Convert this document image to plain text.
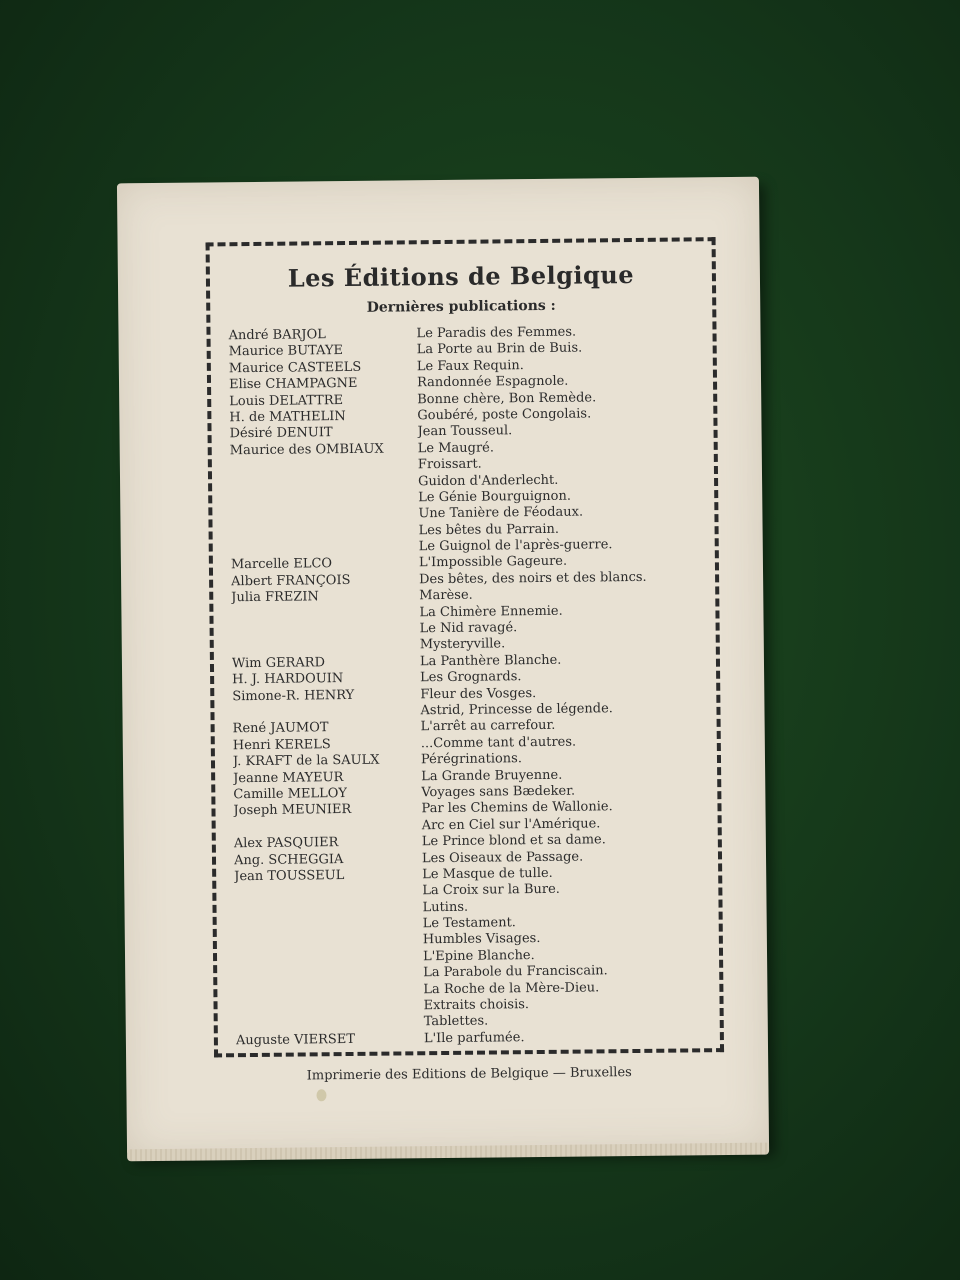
Les Éditions de Belgique
Dernières publications :
André BARJOL	Le Paradis des Femmes.
Maurice BUTAYE	La Porte au Brin de Buis.
Maurice CASTEELS	Le Faux Requin.
Elise CHAMPAGNE	Randonnée Espagnole.
Louis DELATTRE	Bonne chère, Bon Remède.
H. de MATHELIN	Goubéré, poste Congolais.
Désiré DENUIT	Jean Tousseul.
Maurice des OMBIAUX	Le Maugré.
Froissart.
Guidon d'Anderlecht.
Le Génie Bourguignon.
Une Tanière de Féodaux.
Les bêtes du Parrain.
Le Guignol de l'après-guerre.
Marcelle ELCO	L'Impossible Gageure.
Albert FRANÇOIS	Des bêtes, des noirs et des blancs.
Julia FREZIN	Marèse.
La Chimère Ennemie.
Le Nid ravagé.
Mysteryville.
Wim GERARD	La Panthère Blanche.
H. J. HARDOUIN	Les Grognards.
Simone-R. HENRY	Fleur des Vosges.
Astrid, Princesse de légende.
René JAUMOT	L'arrêt au carrefour.
Henri KERELS	...Comme tant d'autres.
J. KRAFT de la SAULX	Pérégrinations.
Jeanne MAYEUR	La Grande Bruyenne.
Camille MELLOY	Voyages sans Bædeker.
Joseph MEUNIER	Par les Chemins de Wallonie.
Arc en Ciel sur l'Amérique.
Alex PASQUIER	Le Prince blond et sa dame.
Ang. SCHEGGIA	Les Oiseaux de Passage.
Jean TOUSSEUL	Le Masque de tulle.
La Croix sur la Bure.
Lutins.
Le Testament.
Humbles Visages.
L'Epine Blanche.
La Parabole du Franciscain.
La Roche de la Mère-Dieu.
Extraits choisis.
Tablettes.
Auguste VIERSET	L'Ile parfumée.
Imprimerie des Editions de Belgique — Bruxelles
